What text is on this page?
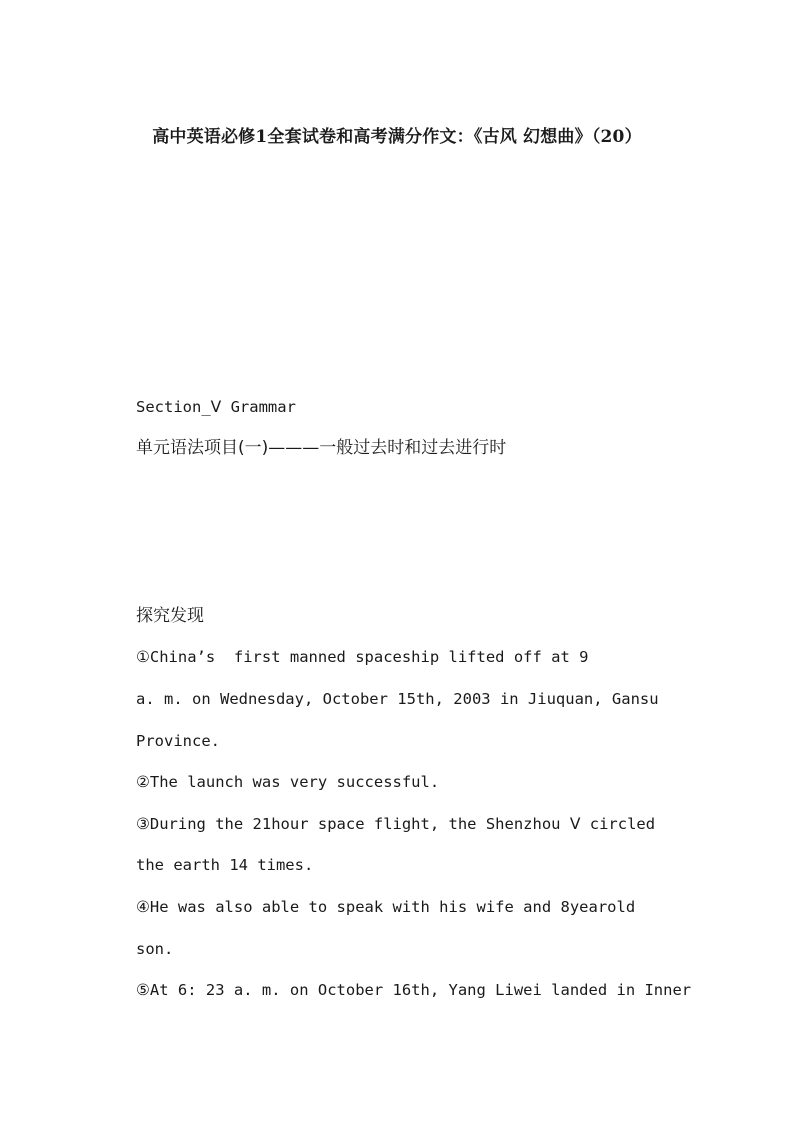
高中英语必修1全套试卷和高考满分作文：《古风 幻想曲》（20）
Section_Ⅴ Grammar
单元语法项目(一)———一般过去时和过去进行时
探究发现
①China’s  first manned spaceship lifted off at 9
a. m. on Wednesday, October 15th, 2003 in Jiuquan, Gansu
Province.
②The launch was very successful.
③During the 21hour space flight, the Shenzhou Ⅴ circled
the earth 14 times.
④He was also able to speak with his wife and 8yearold
son.
⑤At 6: 23 a. m. on October 16th, Yang Liwei landed in Inner
